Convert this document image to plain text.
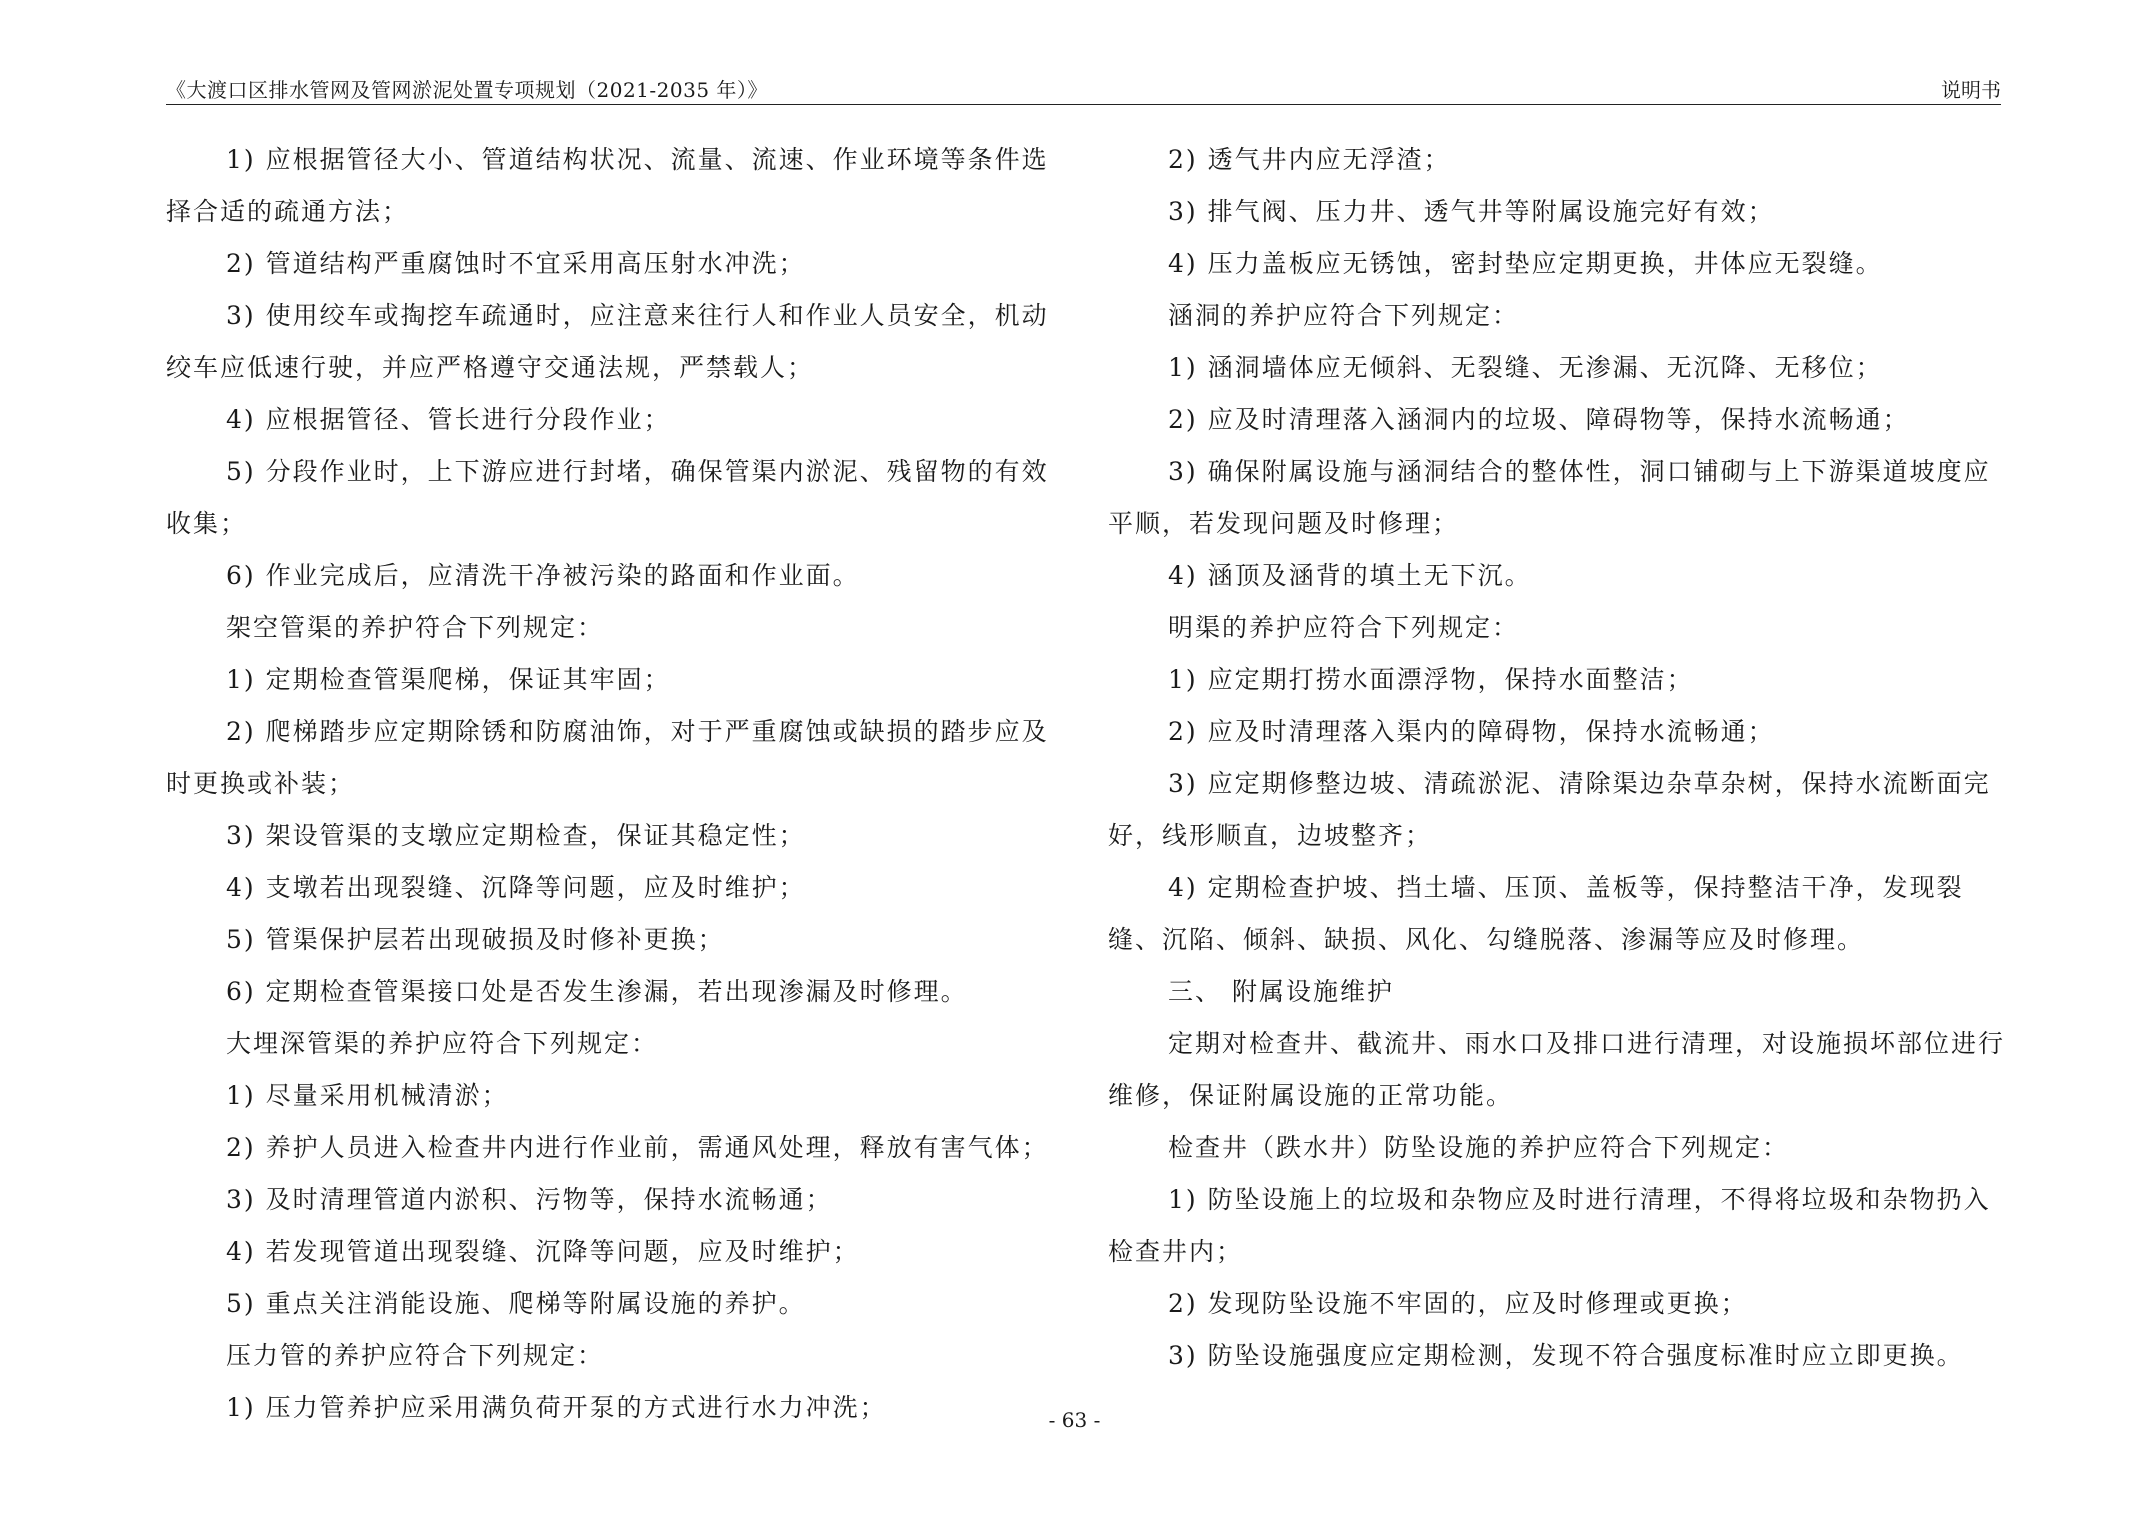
《大渡口区排水管网及管网淤泥处置专项规划（2021-2035 年）》	说明书

1) 应根据管径大小、管道结构状况、流量、流速、作业环境等条件选择合适的疏通方法；

2) 管道结构严重腐蚀时不宜采用高压射水冲洗；

3) 使用绞车或掏挖车疏通时，应注意来往行人和作业人员安全，机动绞车应低速行驶，并应严格遵守交通法规，严禁载人；

4) 应根据管径、管长进行分段作业；

5) 分段作业时，上下游应进行封堵，确保管渠内淤泥、残留物的有效收集；

6) 作业完成后，应清洗干净被污染的路面和作业面。

架空管渠的养护符合下列规定：

1) 定期检查管渠爬梯，保证其牢固；

2) 爬梯踏步应定期除锈和防腐油饰，对于严重腐蚀或缺损的踏步应及时更换或补装；

3) 架设管渠的支墩应定期检查，保证其稳定性；

4) 支墩若出现裂缝、沉降等问题，应及时维护；

5) 管渠保护层若出现破损及时修补更换；

6) 定期检查管渠接口处是否发生渗漏，若出现渗漏及时修理。

大埋深管渠的养护应符合下列规定：

1) 尽量采用机械清淤；

2) 养护人员进入检查井内进行作业前，需通风处理，释放有害气体；

3) 及时清理管道内淤积、污物等，保持水流畅通；

4) 若发现管道出现裂缝、沉降等问题，应及时维护；

5) 重点关注消能设施、爬梯等附属设施的养护。

压力管的养护应符合下列规定：

1) 压力管养护应采用满负荷开泵的方式进行水力冲洗；

2) 透气井内应无浮渣；

3) 排气阀、压力井、透气井等附属设施完好有效；

4) 压力盖板应无锈蚀，密封垫应定期更换，井体应无裂缝。

涵洞的养护应符合下列规定：

1) 涵洞墙体应无倾斜、无裂缝、无渗漏、无沉降、无移位；

2) 应及时清理落入涵洞内的垃圾、障碍物等，保持水流畅通；

3) 确保附属设施与涵洞结合的整体性，洞口铺砌与上下游渠道坡度应平顺，若发现问题及时修理；

4) 涵顶及涵背的填土无下沉。

明渠的养护应符合下列规定：

1) 应定期打捞水面漂浮物，保持水面整洁；

2) 应及时清理落入渠内的障碍物，保持水流畅通；

3) 应定期修整边坡、清疏淤泥、清除渠边杂草杂树，保持水流断面完好，线形顺直，边坡整齐；

4) 定期检查护坡、挡土墙、压顶、盖板等，保持整洁干净，发现裂缝、沉陷、倾斜、缺损、风化、勾缝脱落、渗漏等应及时修理。

三、 附属设施维护

定期对检查井、截流井、雨水口及排口进行清理，对设施损坏部位进行维修，保证附属设施的正常功能。

检查井（跌水井）防坠设施的养护应符合下列规定：

1) 防坠设施上的垃圾和杂物应及时进行清理，不得将垃圾和杂物扔入检查井内；

2) 发现防坠设施不牢固的，应及时修理或更换；

3) 防坠设施强度应定期检测，发现不符合强度标准时应立即更换。

- 63 -
